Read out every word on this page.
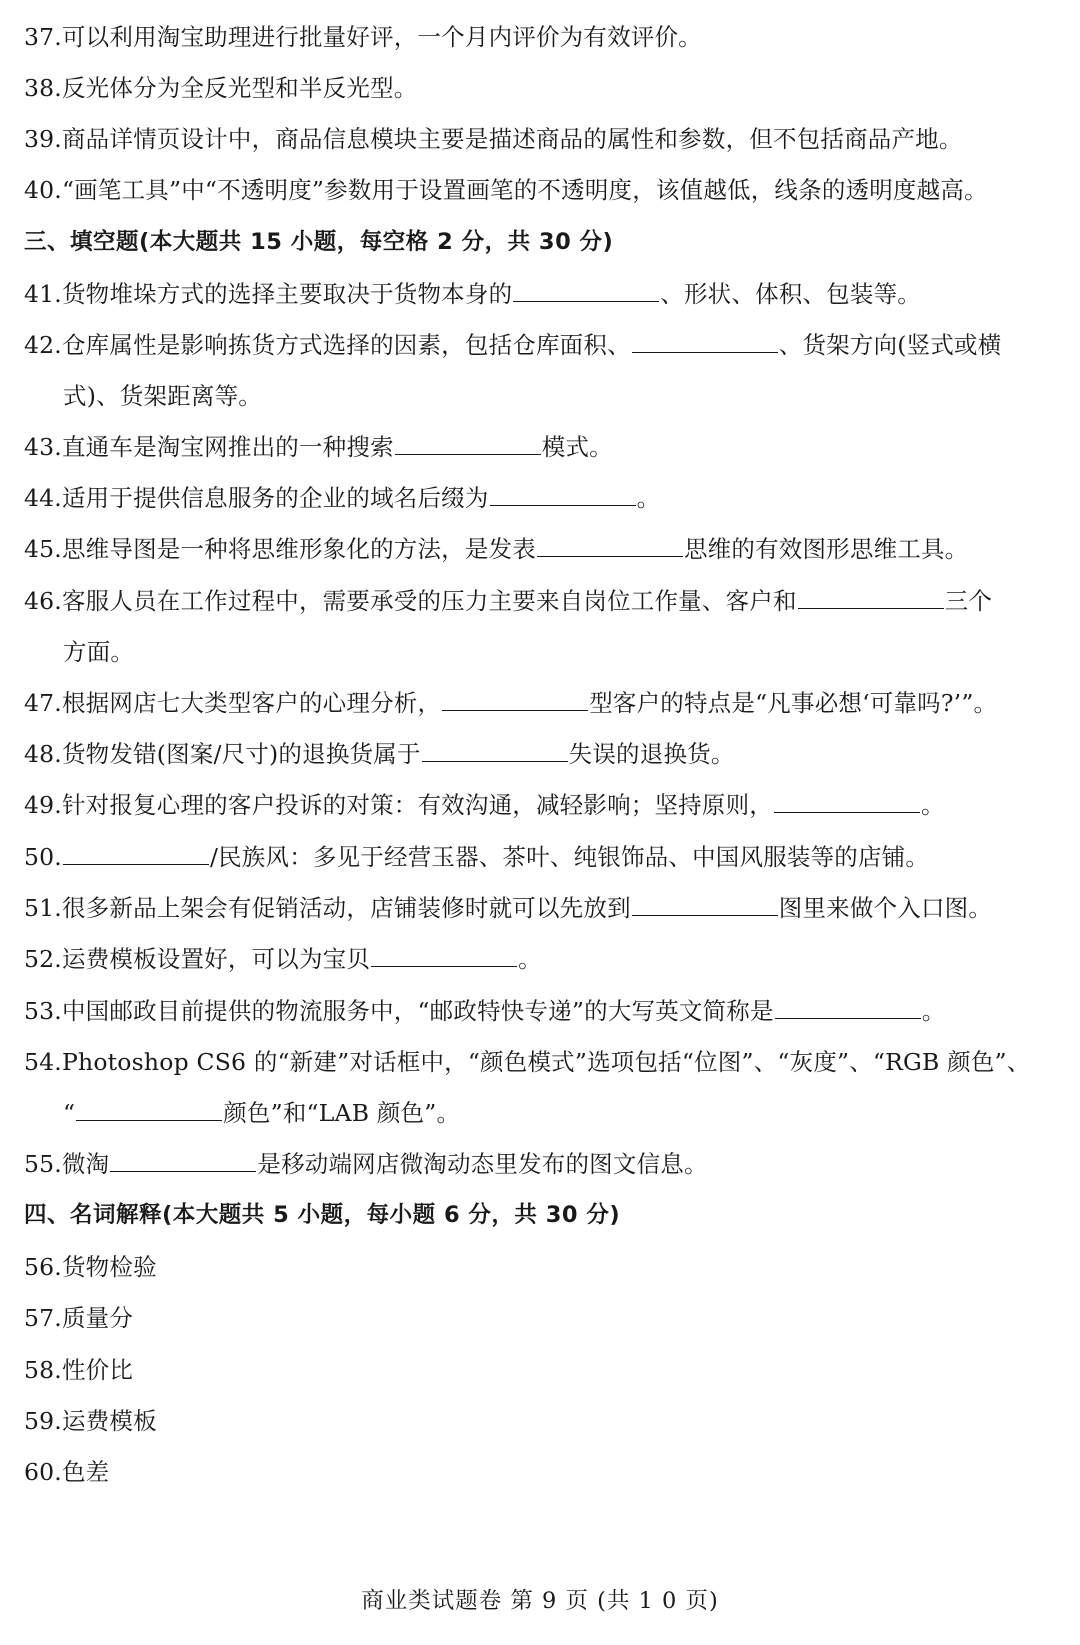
37.可以利用淘宝助理进行批量好评，一个月内评价为有效评价。
38.反光体分为全反光型和半反光型。
39.商品详情页设计中，商品信息模块主要是描述商品的属性和参数，但不包括商品产地。
40.“画笔工具”中“不透明度”参数用于设置画笔的不透明度，该值越低，线条的透明度越高。
三、填空题(本大题共 15 小题，每空格 2 分，共 30 分)
41.货物堆垛方式的选择主要取决于货物本身的	、形状、体积、包装等。
42.仓库属性是影响拣货方式选择的因素，包括仓库面积、	、货架方向(竖式或横
式)、货架距离等。
43.直通车是淘宝网推出的一种搜索	模式。
44.适用于提供信息服务的企业的域名后缀为	。
45.思维导图是一种将思维形象化的方法，是发表	思维的有效图形思维工具。
46.客服人员在工作过程中，需要承受的压力主要来自岗位工作量、客户和	三个
方面。
47.根据网店七大类型客户的心理分析，	型客户的特点是“凡事必想‘可靠吗?’”。
48.货物发错(图案/尺寸)的退换货属于	失误的退换货。
49.针对报复心理的客户投诉的对策：有效沟通，减轻影响；坚持原则，	。
50.	/民族风：多见于经营玉器、茶叶、纯银饰品、中国风服装等的店铺。
51.很多新品上架会有促销活动，店铺装修时就可以先放到	图里来做个入口图。
52.运费模板设置好，可以为宝贝	。
53.中国邮政目前提供的物流服务中，“邮政特快专递”的大写英文简称是	。
54.Photoshop CS6 的“新建”对话框中，“颜色模式”选项包括“位图”、“灰度”、“RGB 颜色”、
“	颜色”和“LAB 颜色”。
55.微淘	是移动端网店微淘动态里发布的图文信息。
四、名词解释(本大题共 5 小题，每小题 6 分，共 30 分)
56.货物检验
57.质量分
58.性价比
59.运费模板
60.色差
商业类试题卷 第 9 页 (共 1 0 页)
